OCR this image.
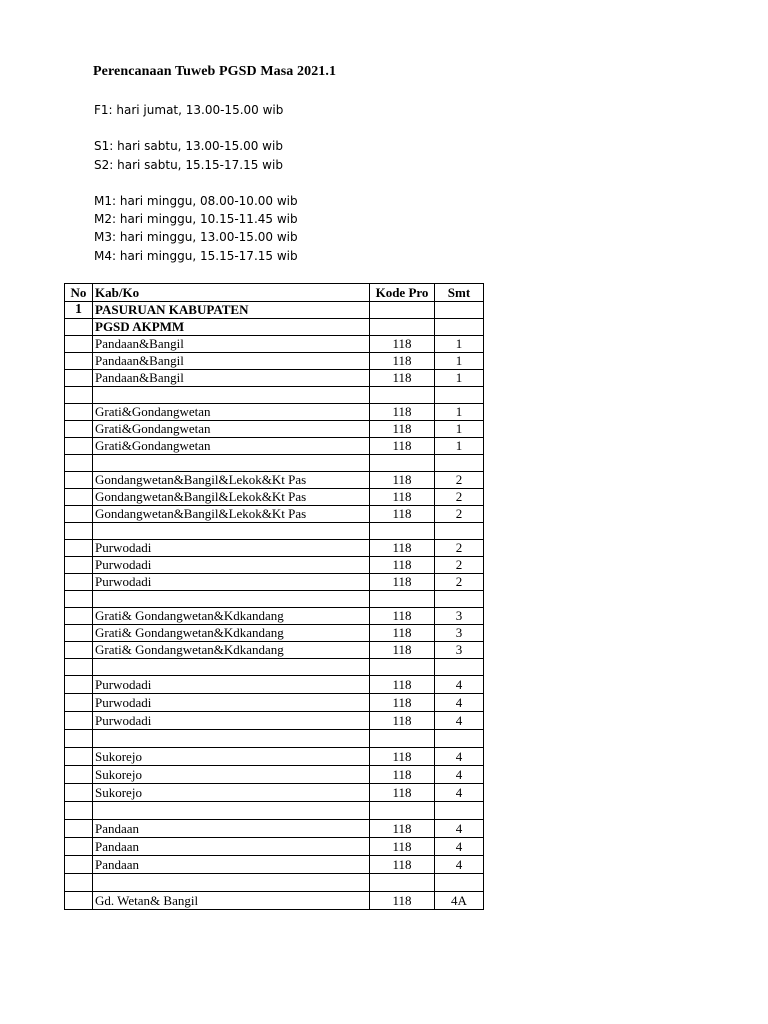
Perencanaan Tuweb PGSD Masa 2021.1
F1: hari jumat, 13.00-15.00 wib
S1: hari sabtu, 13.00-15.00 wib
S2: hari sabtu, 15.15-17.15 wib
M1: hari minggu, 08.00-10.00 wib
M2: hari minggu, 10.15-11.45 wib
M3: hari minggu, 13.00-15.00 wib
M4: hari minggu, 15.15-17.15 wib
No	Kab/Ko	Kode Pro	Smt
1	PASURUAN KABUPATEN		
	PGSD AKPMM		
	Pandaan&Bangil	118	1
	Pandaan&Bangil	118	1
	Pandaan&Bangil	118	1

	Grati&Gondangwetan	118	1
	Grati&Gondangwetan	118	1
	Grati&Gondangwetan	118	1

	Gondangwetan&Bangil&Lekok&Kt Pas	118	2
	Gondangwetan&Bangil&Lekok&Kt Pas	118	2
	Gondangwetan&Bangil&Lekok&Kt Pas	118	2

	Purwodadi	118	2
	Purwodadi	118	2
	Purwodadi	118	2

	Grati& Gondangwetan&Kdkandang	118	3
	Grati& Gondangwetan&Kdkandang	118	3
	Grati& Gondangwetan&Kdkandang	118	3

	Purwodadi	118	4
	Purwodadi	118	4
	Purwodadi	118	4

	Sukorejo	118	4
	Sukorejo	118	4
	Sukorejo	118	4

	Pandaan	118	4
	Pandaan	118	4
	Pandaan	118	4

	Gd. Wetan& Bangil	118	4A
